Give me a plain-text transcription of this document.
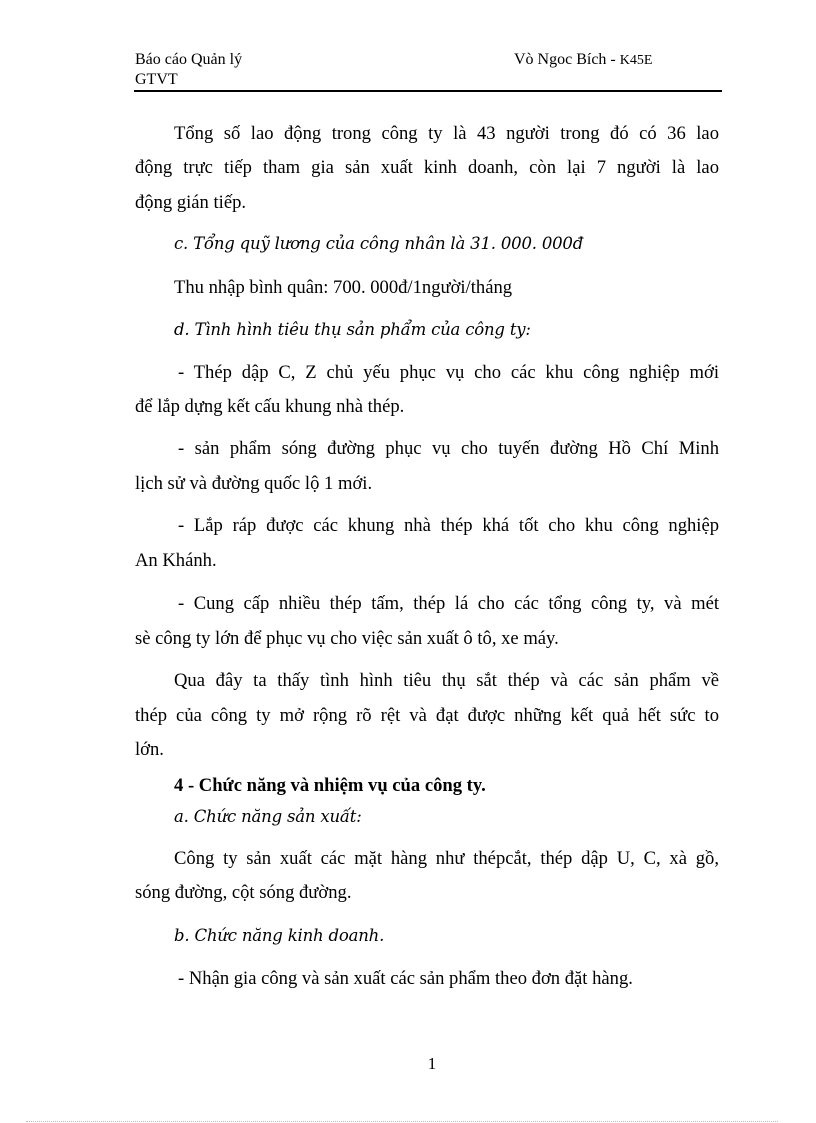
Báo cáo Quản lý
GTVT
Vò Ngoc Bích - K45E
Tổng số lao động trong công ty là 43 người trong đó có 36 lao
động trực tiếp tham gia sản xuất kinh doanh, còn lại 7 người là lao
động gián tiếp.
c. Tổng quỹ lương của công nhân là 31. 000. 000đ
Thu nhập bình quân: 700. 000đ/1người/tháng
d. Tình hình tiêu thụ sản phẩm của công ty:
- Thép dập C, Z chủ yếu phục vụ cho các khu công nghiệp mới
để lắp dựng kết cấu khung nhà thép.
- sản phẩm sóng đường phục vụ cho tuyến đường Hồ Chí Minh
lịch sử và đường quốc lộ 1 mới.
- Lắp ráp được các khung nhà thép khá tốt cho khu công nghiệp
An Khánh.
- Cung cấp nhiều thép tấm, thép lá cho các tổng công ty, và mét
sè công ty lớn để phục vụ cho việc sản xuất ô tô, xe máy.
Qua đây ta thấy tình hình tiêu thụ sắt thép và các sản phẩm về
thép của công ty mở rộng rõ rệt và đạt được những kết quả hết sức to
lớn.
4 - Chức năng và nhiệm vụ của công ty.
a. Chức năng sản xuất:
Công ty sản xuất các mặt hàng như thépcắt, thép dập U, C, xà gồ,
sóng đường, cột sóng đường.
b. Chức năng kinh doanh.
- Nhận gia công và sản xuất các sản phẩm theo đơn đặt hàng.
1
